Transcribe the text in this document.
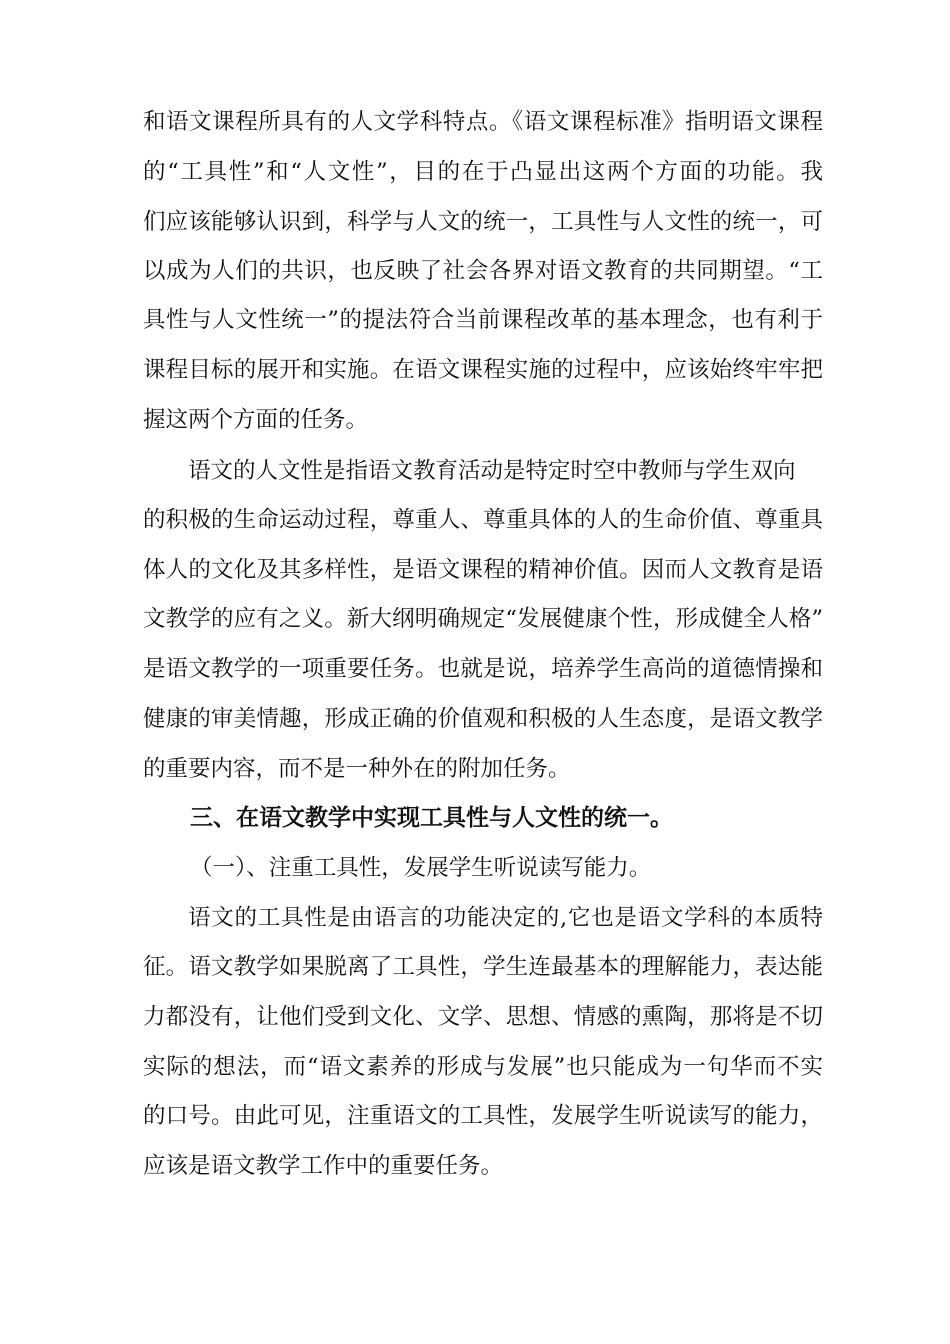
和语文课程所具有的人文学科特点。《语文课程标准》指明语文课程
的“工具性”和“人文性”，目的在于凸显出这两个方面的功能。我
们应该能够认识到，科学与人文的统一，工具性与人文性的统一，可
以成为人们的共识，也反映了社会各界对语文教育的共同期望。“工
具性与人文性统一”的提法符合当前课程改革的基本理念，也有利于
课程目标的展开和实施。在语文课程实施的过程中，应该始终牢牢把
握这两个方面的任务。
语文的人文性是指语文教育活动是特定时空中教师与学生双向
的积极的生命运动过程，尊重人、尊重具体的人的生命价值、尊重具
体人的文化及其多样性，是语文课程的精神价值。因而人文教育是语
文教学的应有之义。新大纲明确规定“发展健康个性，形成健全人格”
是语文教学的一项重要任务。也就是说，培养学生高尚的道德情操和
健康的审美情趣，形成正确的价值观和积极的人生态度，是语文教学
的重要内容，而不是一种外在的附加任务。
三、在语文教学中实现工具性与人文性的统一。
（一）、注重工具性，发展学生听说读写能力。
语文的工具性是由语言的功能决定的,它也是语文学科的本质特
征。语文教学如果脱离了工具性，学生连最基本的理解能力，表达能
力都没有，让他们受到文化、文学、思想、情感的熏陶，那将是不切
实际的想法，而“语文素养的形成与发展”也只能成为一句华而不实
的口号。由此可见，注重语文的工具性，发展学生听说读写的能力，
应该是语文教学工作中的重要任务。
